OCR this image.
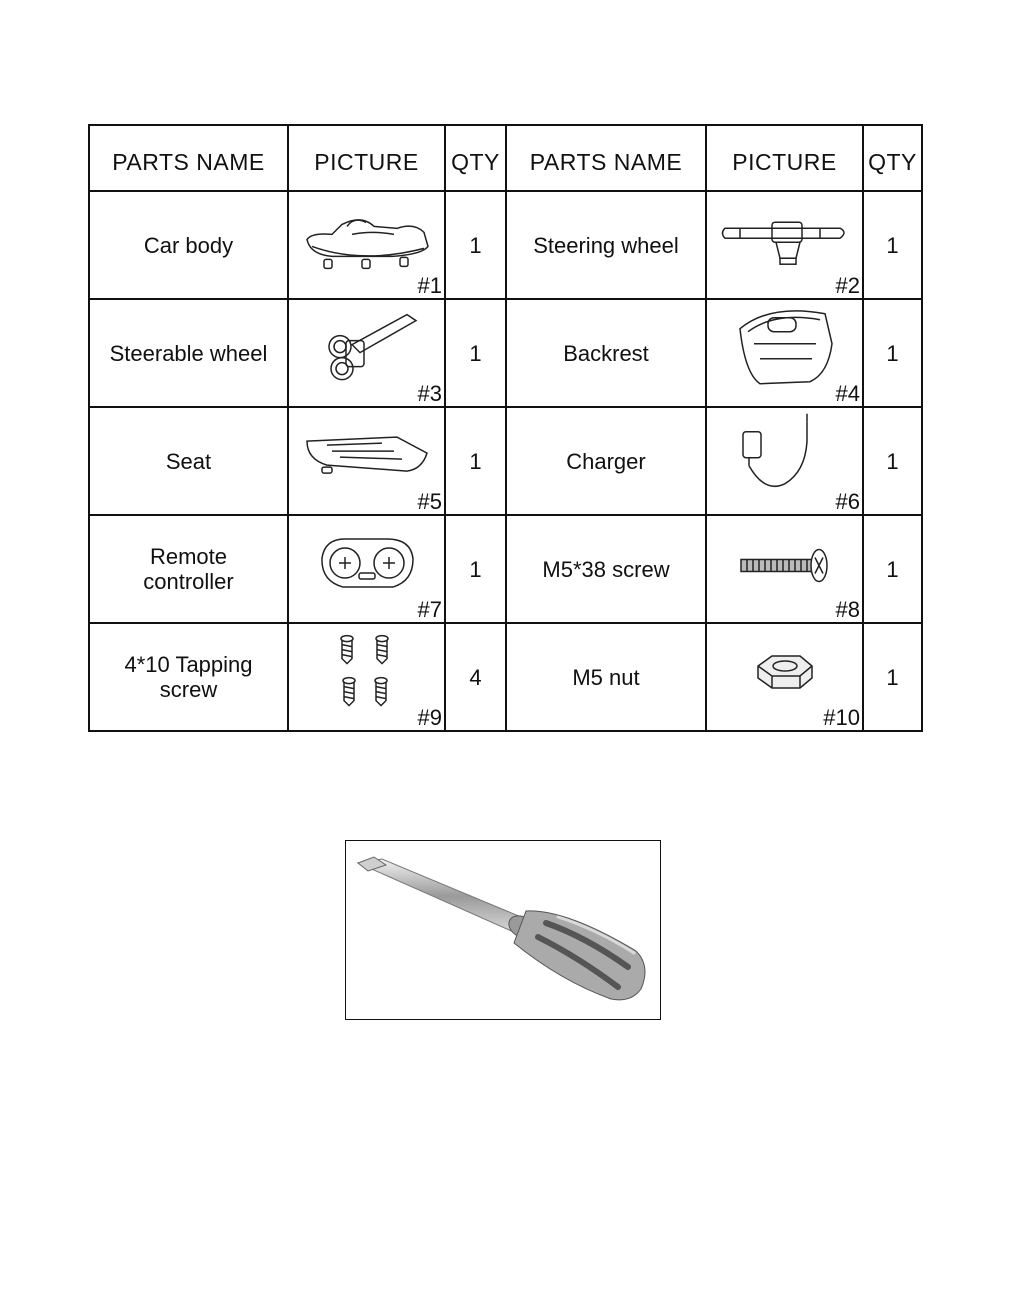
PARTS NAME	PICTURE	QTY	PARTS NAME	PICTURE	QTY
Car body	#1	1	Steering wheel	#2	1
Steerable wheel	#3	1	Backrest	#4	1
Seat	#5	1	Charger	#6	1
Remote controller	#7	1	M5*38 screw	#8	1
4*10 Tapping screw	#9	4	M5 nut	#10	1
